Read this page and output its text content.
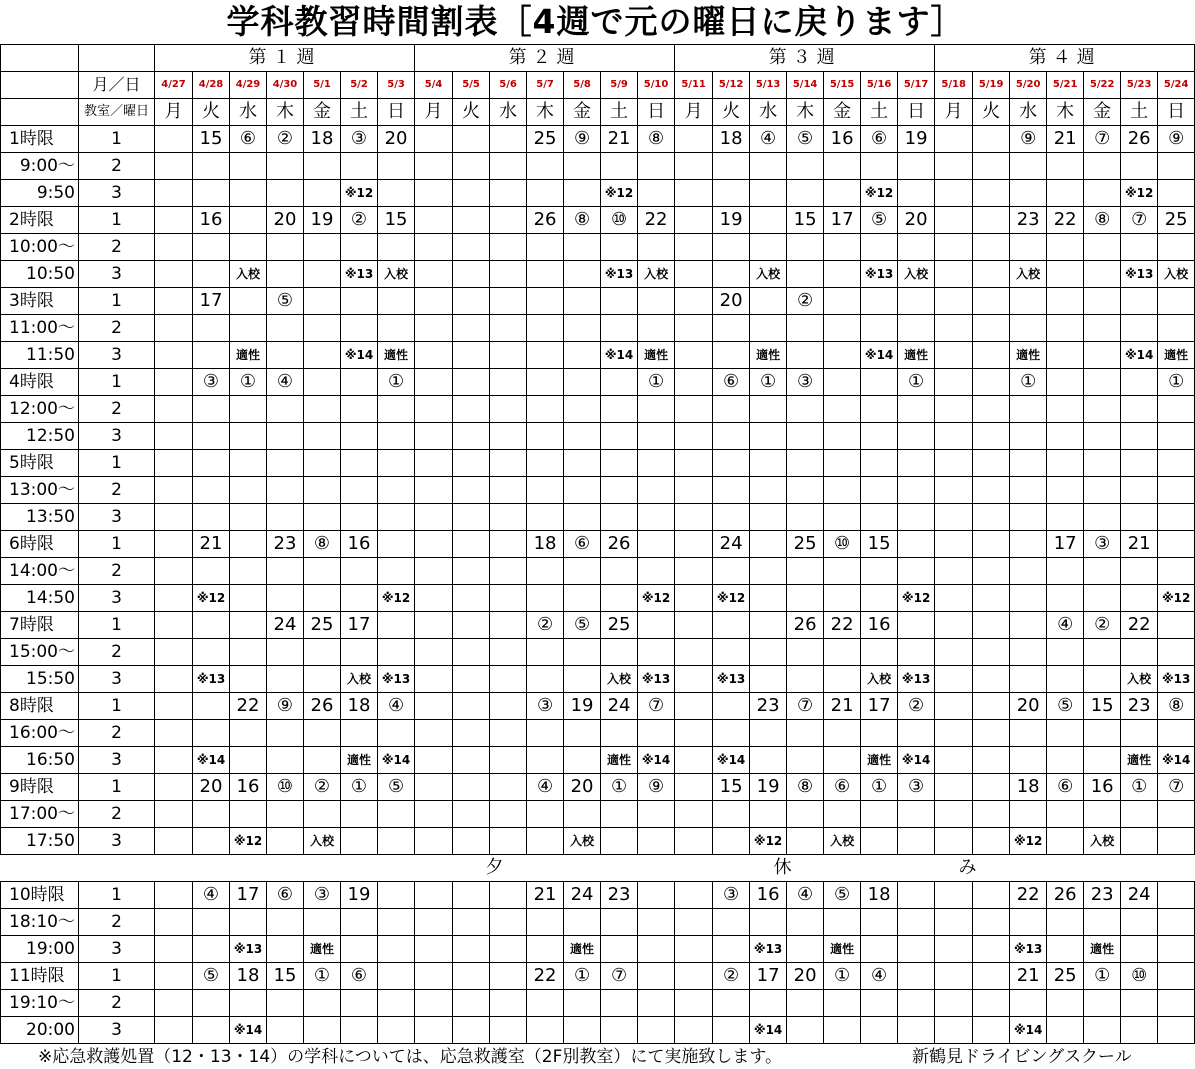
学科教習時間割表［4週で元の曜日に戻ります］
		第１週							第２週							第３週							第４週						
	月／日	4/27	4/28	4/29	4/30	5/1	5/2	5/3	5/4	5/5	5/6	5/7	5/8	5/9	5/10	5/11	5/12	5/13	5/14	5/15	5/16	5/17	5/18	5/19	5/20	5/21	5/22	5/23	5/24
	教室／曜日	月	火	水	木	金	土	日	月	火	水	木	金	土	日	月	火	水	木	金	土	日	月	火	水	木	金	土	日
1時限	1		15	⑥	②	18	③	20				25	⑨	21	⑧		18	④	⑤	16	⑥	19			⑨	21	⑦	26	⑨
9:00～	2																												
9:50	3						※12							※12							※12							※12	
2時限	1		16		20	19	②	15				26	⑧	⑩	22		19		15	17	⑤	20			23	22	⑧	⑦	25
10:00～	2																												
10:50	3			入校			※13	入校						※13	入校			入校			※13	入校			入校			※13	入校
3時限	1		17		⑤												20		②										
11:00～	2																												
11:50	3			適性			※14	適性						※14	適性			適性			※14	適性			適性			※14	適性
4時限	1		③	①	④			①							①		⑥	①	③			①			①				①
12:00～	2																												
12:50	3																												
5時限	1																												
13:00～	2																												
13:50	3																												
6時限	1		21		23	⑧	16					18	⑥	26			24		25	⑩	15					17	③	21	
14:00～	2																												
14:50	3		※12					※12							※12		※12					※12							※12
7時限	1				24	25	17					②	⑤	25					26	22	16					④	②	22	
15:00～	2																												
15:50	3		※13				入校	※13						入校	※13		※13				入校	※13						入校	※13
8時限	1			22	⑨	26	18	④				③	19	24	⑦			23	⑦	21	17	②			20	⑤	15	23	⑧
16:00～	2																												
16:50	3		※14				適性	※14						適性	※14		※14				適性	※14						適性	※14
9時限	1		20	16	⑩	②	①	⑤				④	20	①	⑨		15	19	⑧	⑥	①	③			18	⑥	16	①	⑦
17:00～	2																												
17:50	3			※12		入校							入校					※12		入校					※12		入校		
夕											休								み										
10時限	1		④	17	⑥	③	19					21	24	23			③	16	④	⑤	18				22	26	23	24	
18:10～	2																												
19:00	3			※13		適性							適性					※13		適性					※13		適性		
11時限	1		⑤	18	15	①	⑥					22	①	⑦			②	17	20	①	④				21	25	①	⑩	
19:10～	2																												
20:00	3			※14														※14							※14				
※応急救護処置（12・13・14）の学科については、応急救護室（2F別教室）にて実施致します。	新鶴見ドライビングスクール
